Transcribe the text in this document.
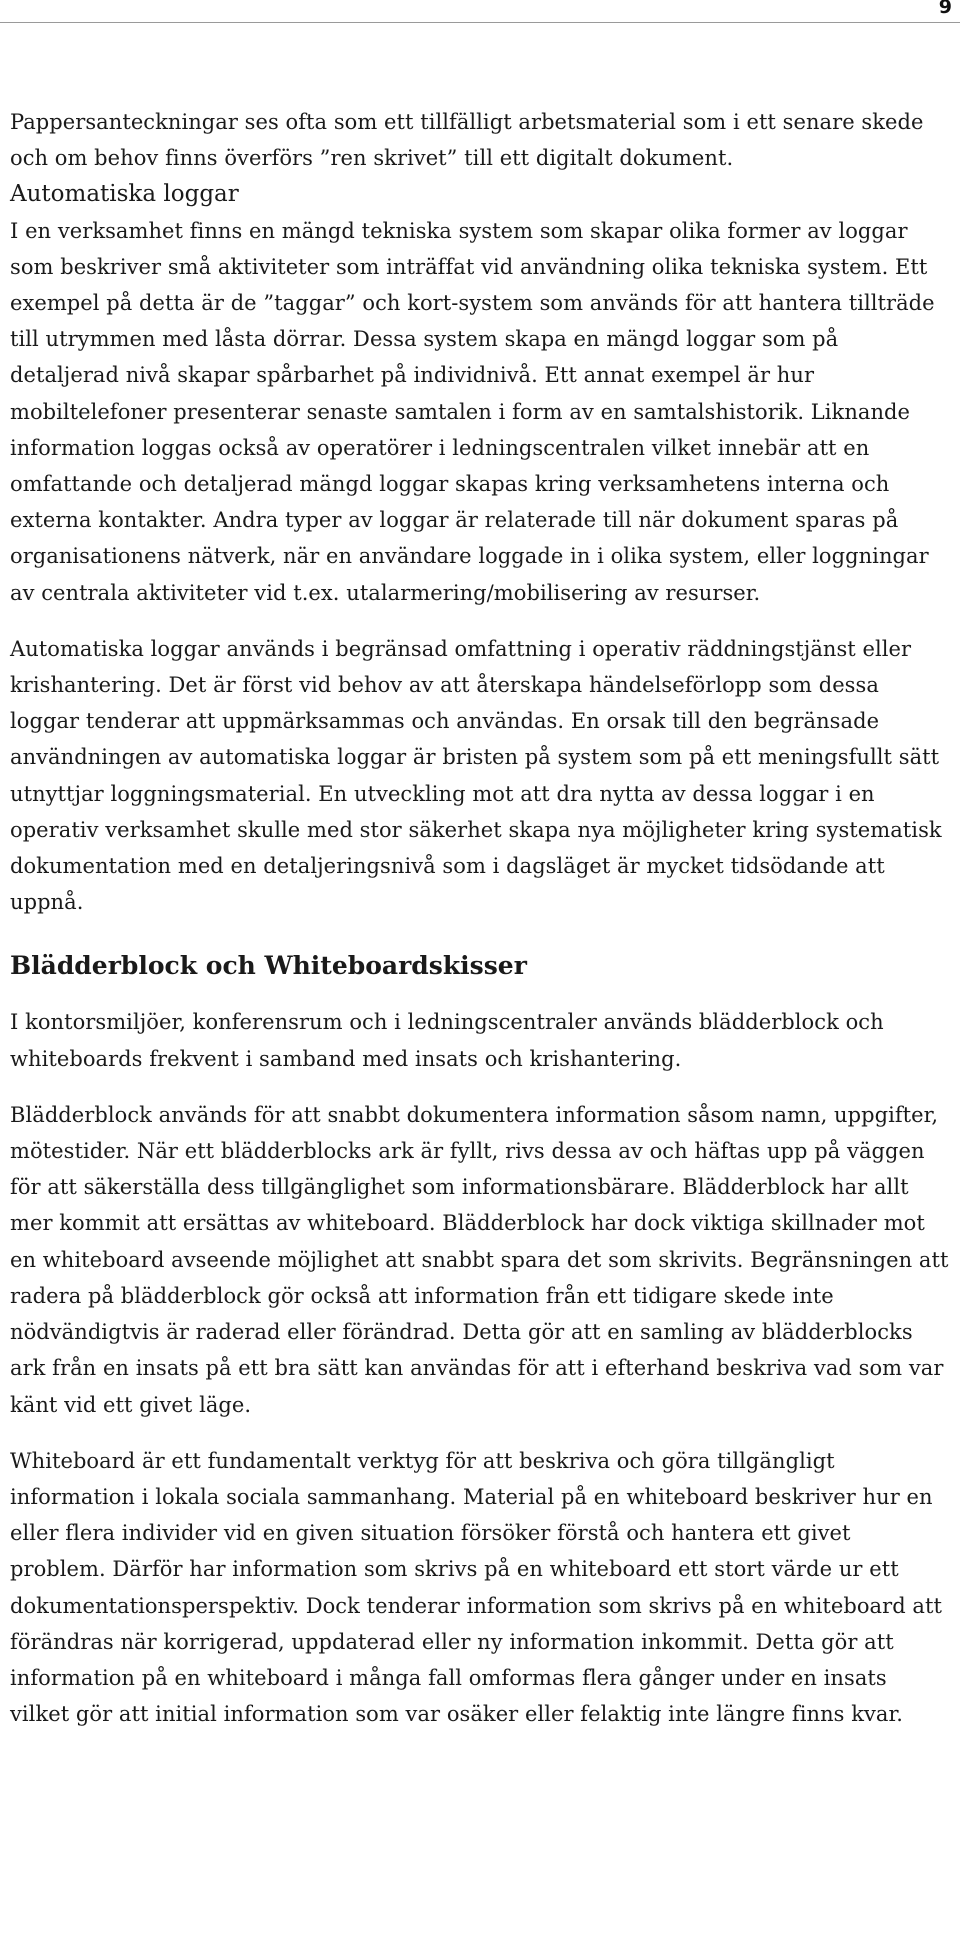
9

Pappersanteckningar ses ofta som ett tillfälligt arbetsmaterial som i ett senare skede och om behov finns överförs ”ren skrivet” till ett digitalt dokument.

Automatiska loggar

I en verksamhet finns en mängd tekniska system som skapar olika former av loggar som beskriver små aktiviteter som inträffat vid användning olika tekniska system. Ett exempel på detta är de ”taggar” och kort-system som används för att hantera tillträde till utrymmen med låsta dörrar. Dessa system skapa en mängd loggar som på detaljerad nivå skapar spårbarhet på individnivå. Ett annat exempel är hur mobiltelefoner presenterar senaste samtalen i form av en samtalshistorik. Liknande information loggas också av operatörer i ledningscentralen vilket innebär att en omfattande och detaljerad mängd loggar skapas kring verksamhetens interna och externa kontakter. Andra typer av loggar är relaterade till när dokument sparas på organisationens nätverk, när en användare loggade in i olika system, eller loggningar av centrala aktiviteter vid t.ex. utalarmering/mobilisering av resurser.

Automatiska loggar används i begränsad omfattning i operativ räddningstjänst eller krishantering. Det är först vid behov av att återskapa händelseförlopp som dessa loggar tenderar att uppmärksammas och användas. En orsak till den begränsade användningen av automatiska loggar är bristen på system som på ett meningsfullt sätt utnyttjar loggningsmaterial. En utveckling mot att dra nytta av dessa loggar i en operativ verksamhet skulle med stor säkerhet skapa nya möjligheter kring systematisk dokumentation med en detaljeringsnivå som i dagsläget är mycket tidsödande att uppnå.

Blädderblock och Whiteboardskisser

I kontorsmiljöer, konferensrum och i ledningscentraler används blädderblock och whiteboards frekvent i samband med insats och krishantering.

Blädderblock används för att snabbt dokumentera information såsom namn, uppgifter, mötestider. När ett blädderblocks ark är fyllt, rivs dessa av och häftas upp på väggen för att säkerställa dess tillgänglighet som informationsbärare. Blädderblock har allt mer kommit att ersättas av whiteboard. Blädderblock har dock viktiga skillnader mot en whiteboard avseende möjlighet att snabbt spara det som skrivits. Begränsningen att radera på blädderblock gör också att information från ett tidigare skede inte nödvändigtvis är raderad eller förändrad. Detta gör att en samling av blädderblocks ark från en insats på ett bra sätt kan användas för att i efterhand beskriva vad som var känt vid ett givet läge.

Whiteboard är ett fundamentalt verktyg för att beskriva och göra tillgängligt information i lokala sociala sammanhang. Material på en whiteboard beskriver hur en eller flera individer vid en given situation försöker förstå och hantera ett givet problem. Därför har information som skrivs på en whiteboard ett stort värde ur ett dokumentationsperspektiv. Dock tenderar information som skrivs på en whiteboard att förändras när korrigerad, uppdaterad eller ny information inkommit. Detta gör att information på en whiteboard i många fall omformas flera gånger under en insats vilket gör att initial information som var osäker eller felaktig inte längre finns kvar.
